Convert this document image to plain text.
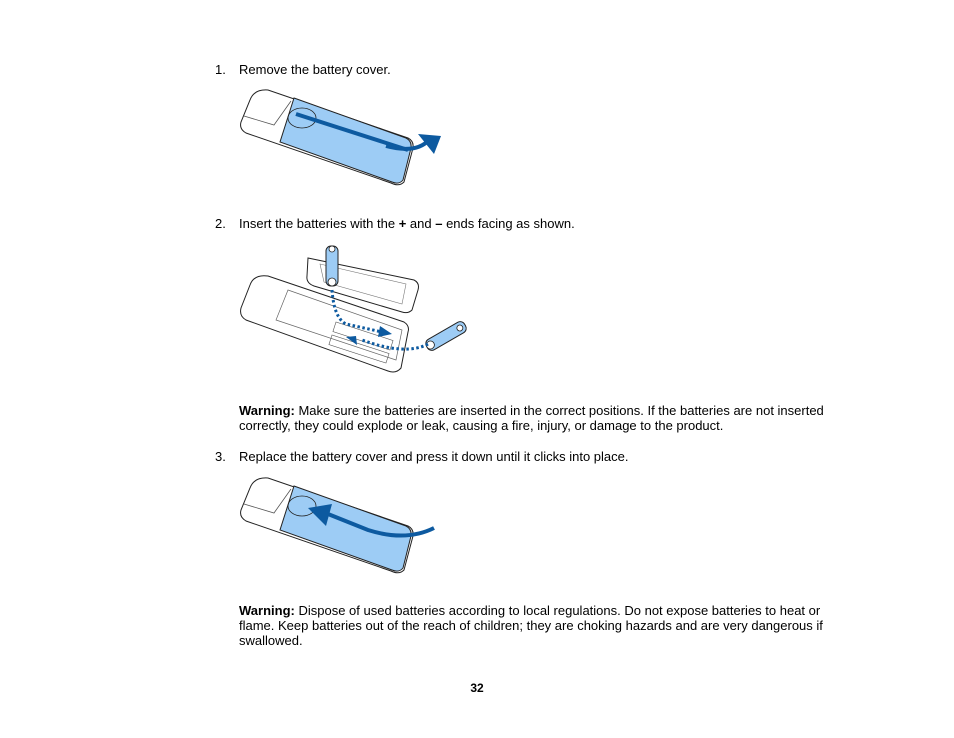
1. Remove the battery cover.
2. Insert the batteries with the + and – ends facing as shown.
Warning: Make sure the batteries are inserted in the correct positions. If the batteries are not inserted correctly, they could explode or leak, causing a fire, injury, or damage to the product.
3. Replace the battery cover and press it down until it clicks into place.
Warning: Dispose of used batteries according to local regulations. Do not expose batteries to heat or flame. Keep batteries out of the reach of children; they are choking hazards and are very dangerous if swallowed.
32
